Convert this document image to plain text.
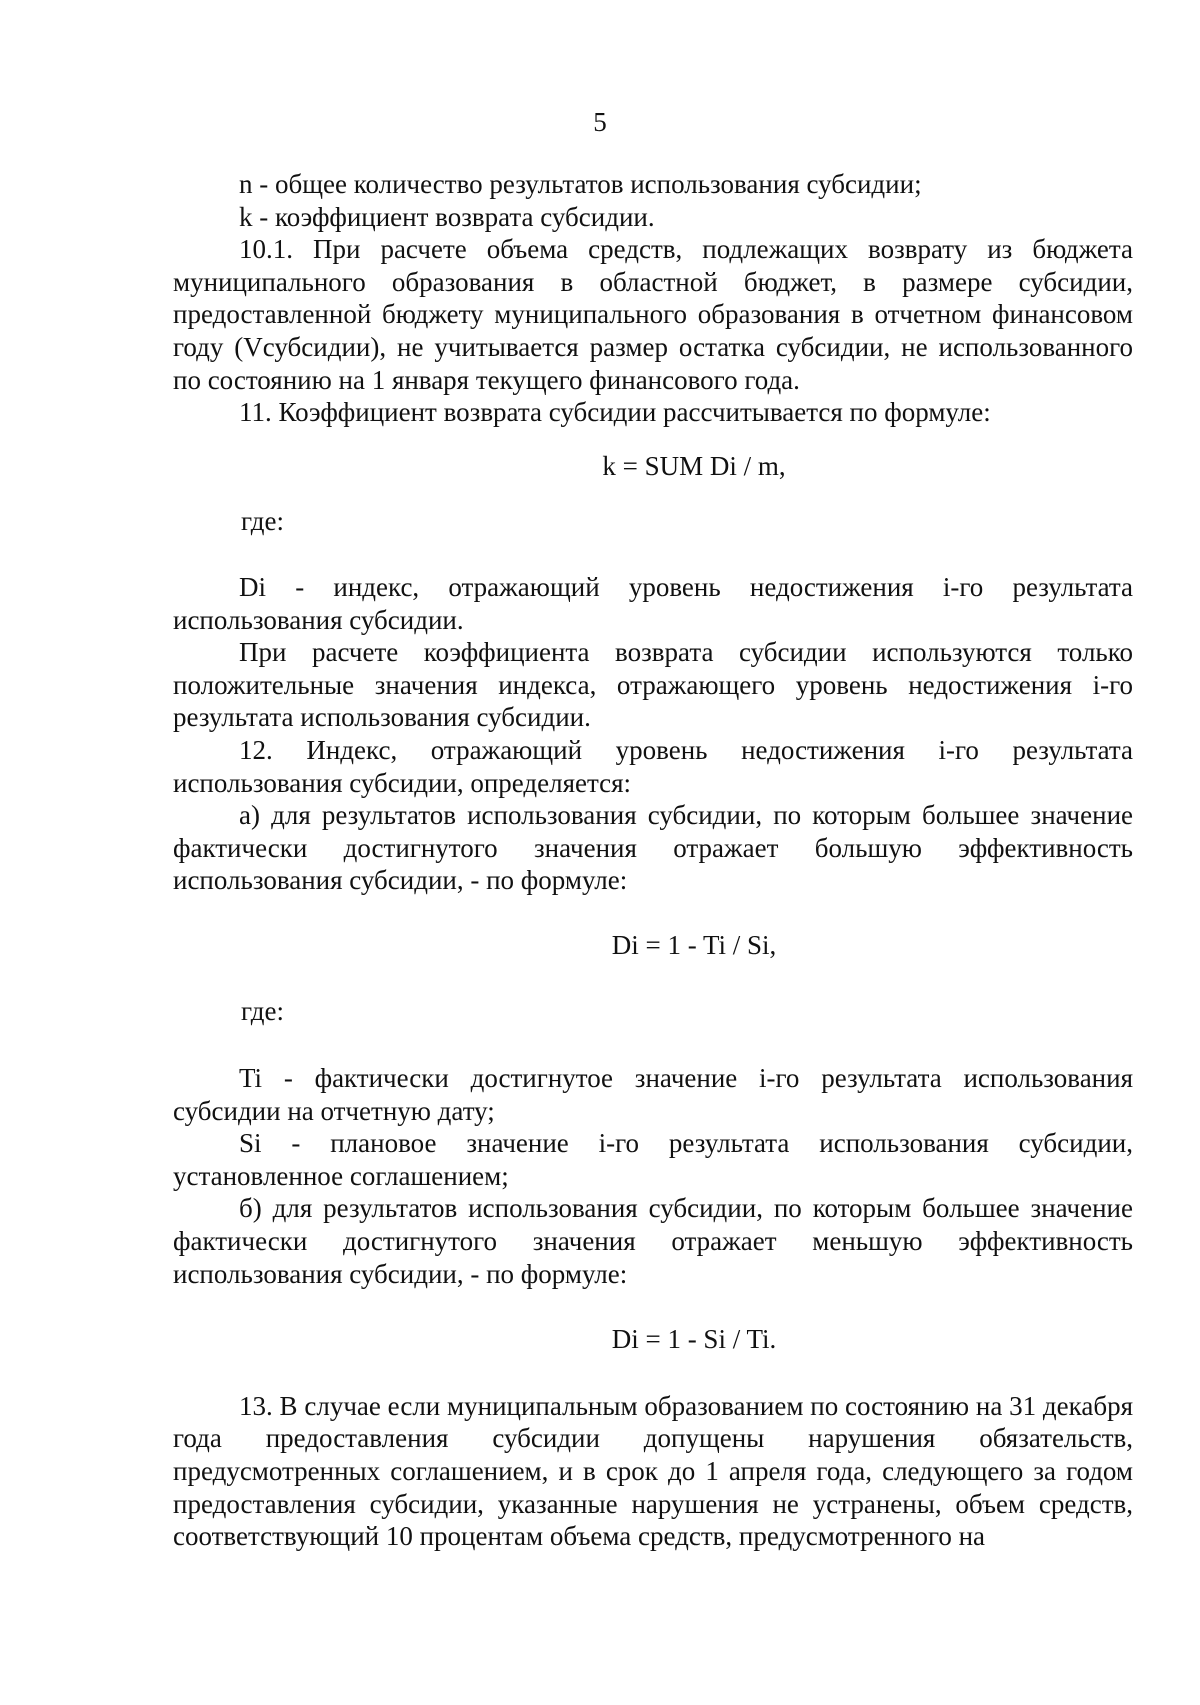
5

n - общее количество результатов использования субсидии;

k - коэффициент возврата субсидии.

10.1. При расчете объема средств, подлежащих возврату из бюджета муниципального образования в областной бюджет, в размере субсидии, предоставленной бюджету муниципального образования в отчетном финансовом году (Vсубсидии), не учитывается размер остатка субсидии, не использованного по состоянию на 1 января текущего финансового года.

11. Коэффициент возврата субсидии рассчитывается по формуле:

k = SUM Di / m,

где:

Di - индекс, отражающий уровень недостижения i-го результата использования субсидии.

При расчете коэффициента возврата субсидии используются только положительные значения индекса, отражающего уровень недостижения i-го результата использования субсидии.

12. Индекс, отражающий уровень недостижения i-го результата использования субсидии, определяется:

а) для результатов использования субсидии, по которым большее значение фактически достигнутого значения отражает большую эффективность использования субсидии, - по формуле:

Di = 1 - Ti / Si,

где:

Ti - фактически достигнутое значение i-го результата использования субсидии на отчетную дату;

Si - плановое значение i-го результата использования субсидии, установленное соглашением;

б) для результатов использования субсидии, по которым большее значение фактически достигнутого значения отражает меньшую эффективность использования субсидии, - по формуле:

Di = 1 - Si / Ti.

13. В случае если муниципальным образованием по состоянию на 31 декабря года предоставления субсидии допущены нарушения обязательств, предусмотренных соглашением, и в срок до 1 апреля года, следующего за годом предоставления субсидии, указанные нарушения не устранены, объем средств, соответствующий 10 процентам объема средств, предусмотренного на
